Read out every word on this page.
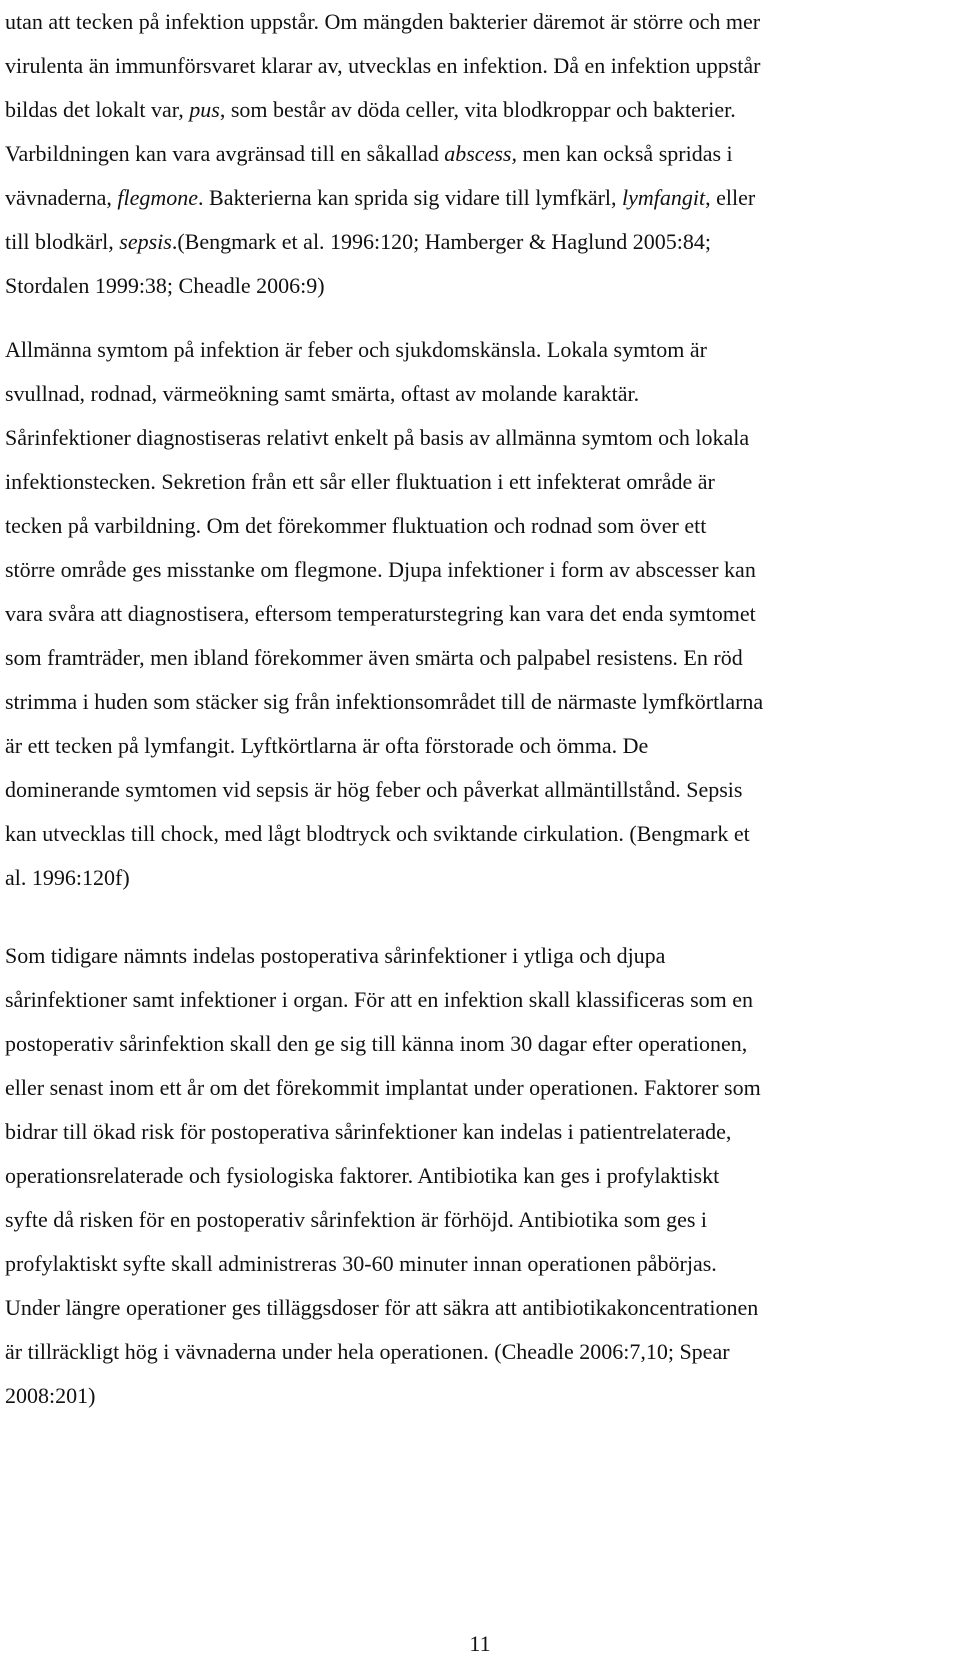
utan att tecken på infektion uppstår. Om mängden bakterier däremot är större och mer
virulenta än immunförsvaret klarar av, utvecklas en infektion. Då en infektion uppstår
bildas det lokalt var, pus, som består av döda celler, vita blodkroppar och bakterier.
Varbildningen kan vara avgränsad till en såkallad abscess, men kan också spridas i
vävnaderna, flegmone. Bakterierna kan sprida sig vidare till lymfkärl, lymfangit, eller
till blodkärl, sepsis.(Bengmark et al. 1996:120; Hamberger & Haglund 2005:84;
Stordalen 1999:38; Cheadle 2006:9)

Allmänna symtom på infektion är feber och sjukdomskänsla. Lokala symtom är
svullnad, rodnad, värmeökning samt smärta, oftast av molande karaktär.
Sårinfektioner diagnostiseras relativt enkelt på basis av allmänna symtom och lokala
infektionstecken. Sekretion från ett sår eller fluktuation i ett infekterat område är
tecken på varbildning. Om det förekommer fluktuation och rodnad som över ett
större område ges misstanke om flegmone. Djupa infektioner i form av abscesser kan
vara svåra att diagnostisera, eftersom temperaturstegring kan vara det enda symtomet
som framträder, men ibland förekommer även smärta och palpabel resistens. En röd
strimma i huden som stäcker sig från infektionsområdet till de närmaste lymfkörtlarna
är ett tecken på lymfangit. Lyftkörtlarna är ofta förstorade och ömma. De
dominerande symtomen vid sepsis är hög feber och påverkat allmäntillstånd. Sepsis
kan utvecklas till chock, med lågt blodtryck och sviktande cirkulation. (Bengmark et
al. 1996:120f)

Som tidigare nämnts indelas postoperativa sårinfektioner i ytliga och djupa
sårinfektioner samt infektioner i organ. För att en infektion skall klassificeras som en
postoperativ sårinfektion skall den ge sig till känna inom 30 dagar efter operationen,
eller senast inom ett år om det förekommit implantat under operationen. Faktorer som
bidrar till ökad risk för postoperativa sårinfektioner kan indelas i patientrelaterade,
operationsrelaterade och fysiologiska faktorer. Antibiotika kan ges i profylaktiskt
syfte då risken för en postoperativ sårinfektion är förhöjd. Antibiotika som ges i
profylaktiskt syfte skall administreras 30-60 minuter innan operationen påbörjas.
Under längre operationer ges tilläggsdoser för att säkra att antibiotikakoncentrationen
är tillräckligt hög i vävnaderna under hela operationen. (Cheadle 2006:7,10; Spear
2008:201)

11
